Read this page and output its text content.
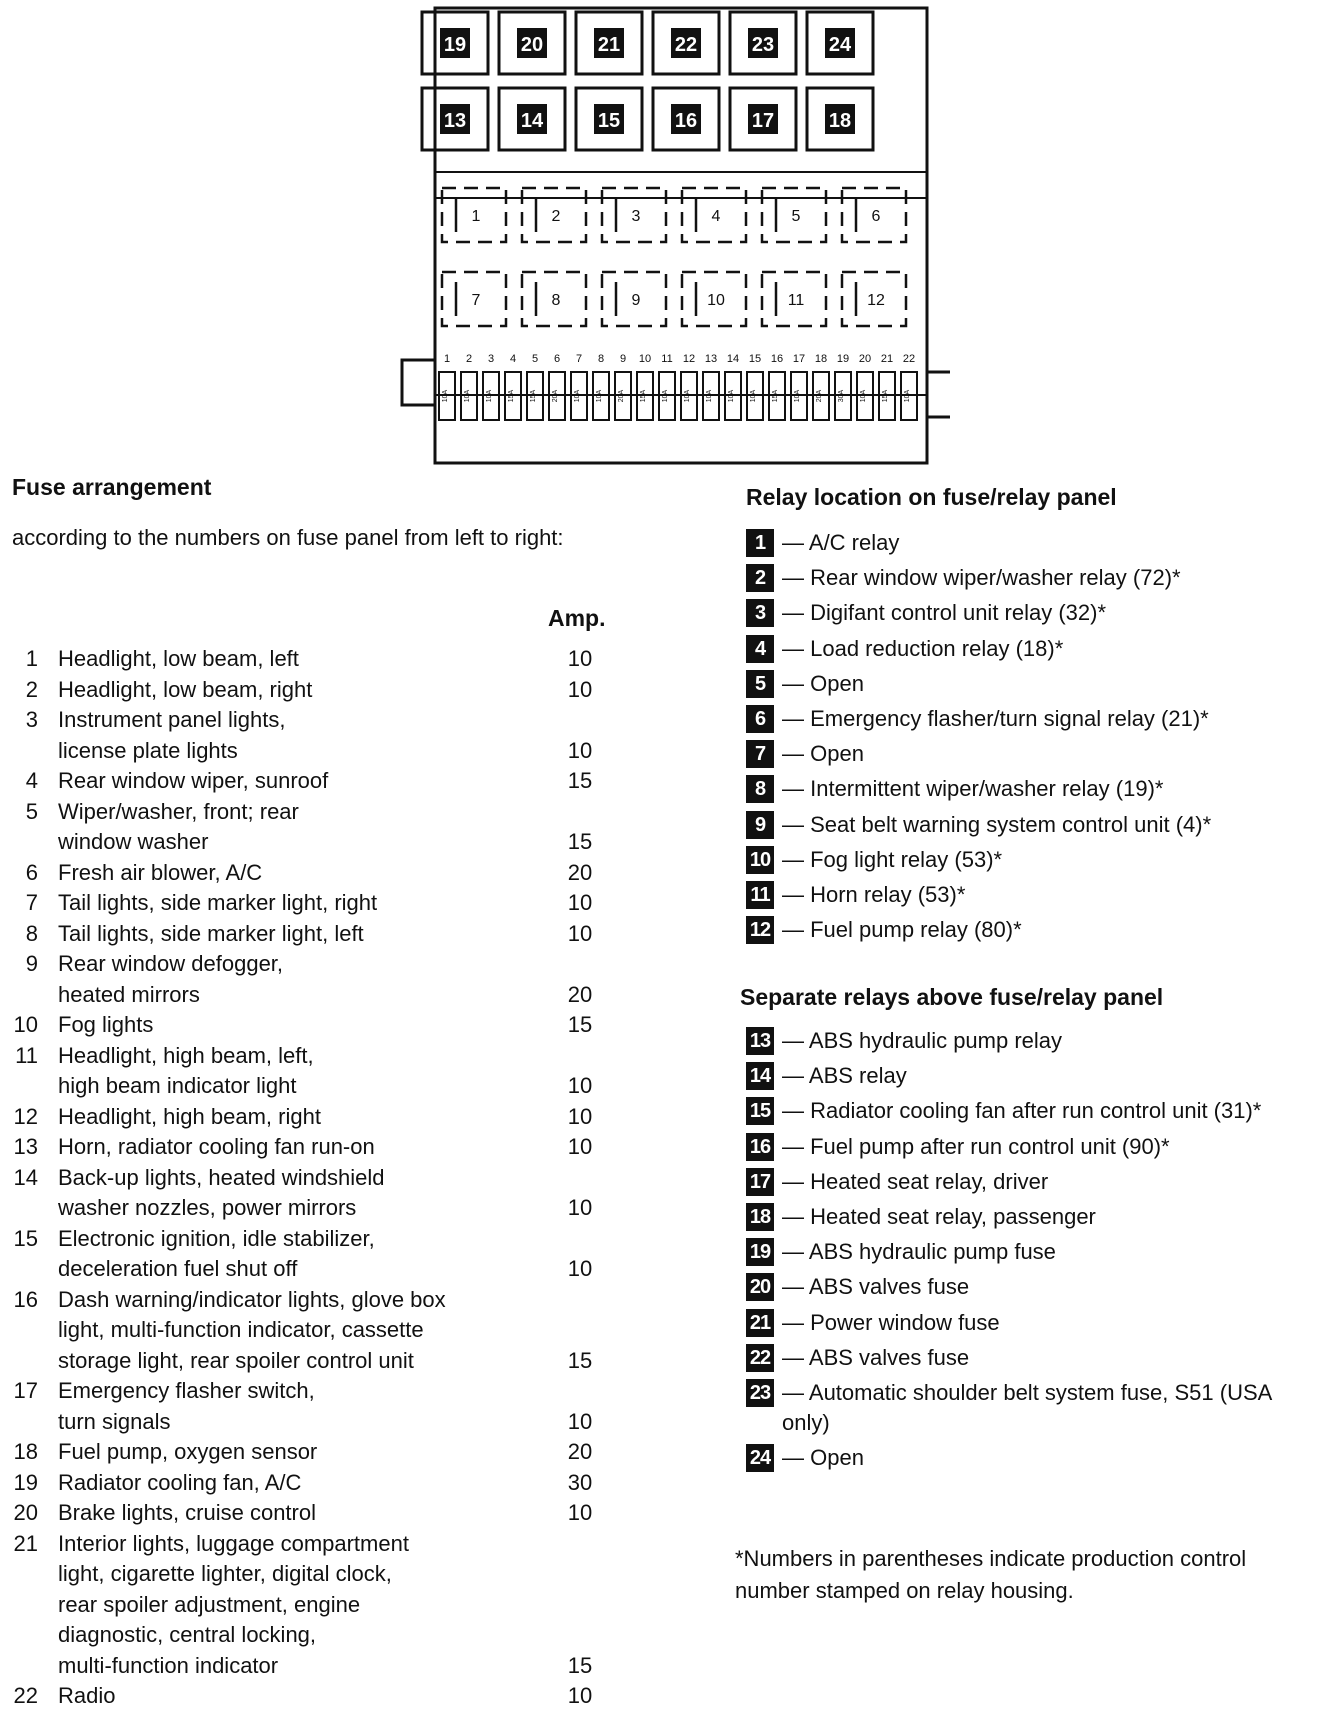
19	20	21	22	23	24
13	14	15	16	17	18
1	2	3	4	5	6
7	8	9	10	11	12
1 2 3 4 5 6 7 8 9 10 11 12 13 14 15 16 17 18 19 20 21 22
10A 10A 10A 15A 15A 20A 10A 10A 20A 15A 10A 10A 10A 10A 10A 15A 10A 20A 30A 10A 15A 10A
Fuse arrangement
according to the numbers on fuse panel from left to right:
Amp.
1 Headlight, low beam, left	10
2 Headlight, low beam, right	10
3 Instrument panel lights,
license plate lights	10
4 Rear window wiper, sunroof	15
5 Wiper/washer, front; rear
window washer	15
6 Fresh air blower, A/C	20
7 Tail lights, side marker light, right	10
8 Tail lights, side marker light, left	10
9 Rear window defogger,
heated mirrors	20
10 Fog lights	15
11 Headlight, high beam, left,
high beam indicator light	10
12 Headlight, high beam, right	10
13 Horn, radiator cooling fan run-on	10
14 Back-up lights, heated windshield
washer nozzles, power mirrors	10
15 Electronic ignition, idle stabilizer,
deceleration fuel shut off	10
16 Dash warning/indicator lights, glove box
light, multi-function indicator, cassette
storage light, rear spoiler control unit	15
17 Emergency flasher switch,
turn signals	10
18 Fuel pump, oxygen sensor	20
19 Radiator cooling fan, A/C	30
20 Brake lights, cruise control	10
21 Interior lights, luggage compartment
light, cigarette lighter, digital clock,
rear spoiler adjustment, engine
diagnostic, central locking,
multi-function indicator	15
22 Radio	10
Relay location on fuse/relay panel
1 — A/C relay
2 — Rear window wiper/washer relay (72)*
3 — Digifant control unit relay (32)*
4 — Load reduction relay (18)*
5 — Open
6 — Emergency flasher/turn signal relay (21)*
7 — Open
8 — Intermittent wiper/washer relay (19)*
9 — Seat belt warning system control unit (4)*
10 — Fog light relay (53)*
11 — Horn relay (53)*
12 — Fuel pump relay (80)*
Separate relays above fuse/relay panel
13 — ABS hydraulic pump relay
14 — ABS relay
15 — Radiator cooling fan after run control unit (31)*
16 — Fuel pump after run control unit (90)*
17 — Heated seat relay, driver
18 — Heated seat relay, passenger
19 — ABS hydraulic pump fuse
20 — ABS valves fuse
21 — Power window fuse
22 — ABS valves fuse
23 — Automatic shoulder belt system fuse, S51 (USA only)
24 — Open
*Numbers in parentheses indicate production control number stamped on relay housing.
